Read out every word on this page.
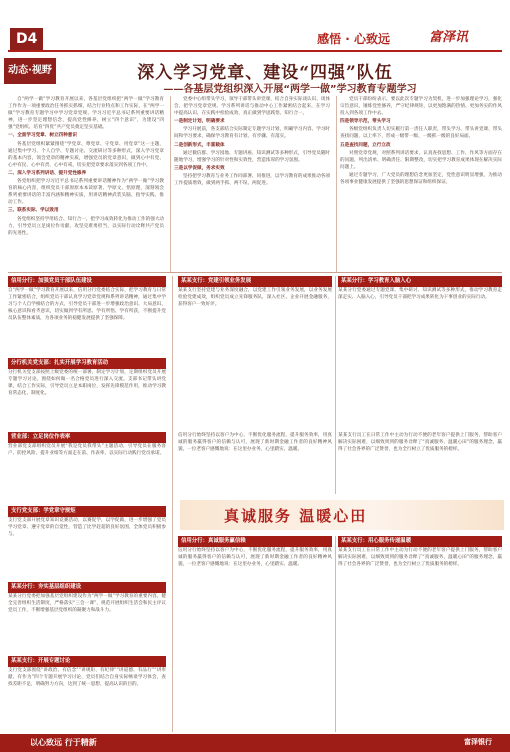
D4	感悟 · 心致远	富泽讯
动态·视野	深入学习党章、建设“四强”队伍
——各基层党组织深入开展“两学一做”学习教育专题学习
自“两学一做”学习教育开展以来，各基层党组织把“两学一做”学习教育工作作为一项重要政治任务抓实抓细，结合行业特点和工作实际，在“两学一做”学习教育专题学习中学习党章党规、学习习近平总书记系列重要讲话精神，进一步坚定理想信念，提高党性修养，树立“四个意识”，为建设“四强”党组织、培育“四优”共产党员奠定坚实基础。
一、全面学习党章、树立四种意识
各基层党组织紧紧围绕“学党章、尊党章、守党章、用党章”这一主题，通过集中学习、个人自学、专题讨论、交流研讨等多种形式，深入学习党章的基本内容，领会党章的精神实质，增强党员的党章意识，做到心中有党、心中有民、心中有责、心中有戒，切实把党章要求落实到各项工作中。
二、深入学习系列讲话、提升党性修养
各党组织把学习习近平总书记系列重要讲话精神作为“两学一做”学习教育的核心内容，组织党员干部原原本本读原著、学原文、悟原理，深刻领会系列重要讲话的丰富内涵和精神实质，用讲话精神武装头脑、指导实践、推动工作。
三、联系实际、学以致用
各党组织坚持学用结合、知行合一，把学习成效转化为推动工作的强大动力，引导党员立足岗位作贡献、攻坚克难勇担当，以实际行动诠释共产党员的先进性。
党委中心组带头学习，领导干部带头讲党课，结合自身实际谈认识、谈体会，把学习党章党规、学习系列讲话与推动中心工作紧密结合起来，在学习中提高认识，在实践中检验成效，真正做到学思践悟、知行合一。
一是制定计划，明确要求
学习开展前，各支部结合实际制定专题学习计划，明确学习内容、学习时间和学习要求，确保学习教育有计划、有步骤、有落实。
二是创新形式，丰富载体
通过微信群、学习园地、专题讲座、知识测试等多种形式，引导党员随时随地学习，增强学习的针对性和实效性，营造浓厚的学习氛围。
三是以学促做，务求实效
坚持把学习教育与业务工作同部署、同推进，以学习教育的成果推动各项工作提质增效，做到两手抓、两不误、两促进。
党员干部纷纷表示，要以此次专题学习为契机，进一步加强理论学习，强化宗旨意识，锤炼党性修养，严守纪律规矩，以更加饱满的热情、更加务实的作风投入到各项工作中去。
四是领导示范，带头学习
各级党组织负责人切实履行第一责任人职责，带头学习、带头讲党课、带头查找问题，以上率下，形成一级带一级、一级抓一级的良好局面。
五是查找问题，立行立改
对照党章党规，对照系列讲话要求，认真查找思想、工作、作风等方面存在的问题，列出清单、明确责任、限期整改，切实把学习教育成果体现在解决实际问题上。
通过专题学习，广大党员的理想信念更加坚定，党性意识明显增强，为推动各项事业健康发展提供了坚强的思想保证和组织保证。
信用分行：加强党员干部队伍建设
自“两学一做”学习教育开展以来，信用分行党委结合实际，把学习教育与日常工作紧密结合，组织党员干部认真学习党章党规和系列讲话精神，通过集中学习与个人自学相结合的方式，引导党员干部进一步增强政治意识、大局意识、核心意识和看齐意识，切实做到学有所思、学有所悟、学有所获，不断提升党员队伍整体素质，为各项业务的稳健发展提供了坚强保障。
分行机关党支部：扎实开展学习教育活动
分行机关党支部按照上级党委的统一部署，制定学习计划，定期组织党员开展专题学习讨论，围绕如何做一名合格党员进行深入交流。支部书记带头讲党课，结合工作实际，引导党员立足本职岗位，发挥先锋模范作用，推动学习教育常态化、制度化。
营业部：立足岗位作表率
营业部党支部组织党员开展“我是党员我带头”主题活动，引导党员在服务客户、防控风险、提升业绩等方面走在前、作表率，以实际行动践行党员承诺。
支行党支部：学党章守规矩
支行党支部开展党章知识竞赛活动，以赛促学，以学促做，进一步增强了党员学习党章、遵守党章的自觉性，营造了比学赶超的良好氛围，全体党员积极参与。
某某分行：夯实基层组织建设
某某分行党委把加强基层党组织建设作为“两学一做”学习教育的重要内容，健全完善组织生活制度，严格落实“三会一课”，规范开展组织生活会和民主评议党员工作，不断增强基层党组织的凝聚力和战斗力。
某某支行：开展专题讨论
支行党支部围绕“讲政治、有信念”“讲规矩、有纪律”“讲道德、有品行”“讲奉献、有作为”四个专题开展学习讨论，党员们结合自身实际畅谈学习体会，查找差距不足，明确努力方向，达到了统一思想、提高认识的目的。
某某支行：党建引领业务发展
某某支行坚持党建与业务深度融合，以党建工作引领业务发展，以业务发展检验党建成效，组织党员成立先锋服务队，深入社区、企业开展金融服务，获得客户一致好评。
某某分行：学习教育入脑入心
某某分行党委通过专题党课、集中研讨、知识测试等多种形式，推动学习教育走深走实、入脑入心，引导党员干部把学习成果转化为干事创业的实际行动。
信用分行始终坚持以客户为中心，不断优化服务流程，提升服务效率，用真诚的服务赢得客户的信赖与认可，展现了新时期金融工作者的良好精神风貌。一位老客户感慨地说：在这里办业务，心里踏实、温暖。
某某支行员工在日常工作中主动为行动不便的老年客户提供上门服务，帮助客户解决实际困难，以细致周到的服务诠释了“真诚服务、温暖心田”的服务理念，赢得了社会各界的广泛赞誉，也为全行树立了优质服务的榜样。
真诚服务 温暖心田
信用分行：真诚服务赢信赖
信用分行始终坚持以客户为中心，不断优化服务流程，提升服务效率，用真诚的服务赢得客户的信赖与认可，展现了新时期金融工作者的良好精神风貌。一位老客户感慨地说：在这里办业务，心里踏实、温暖。
某某支行：用心服务传递温暖
某某支行员工在日常工作中主动为行动不便的老年客户提供上门服务，帮助客户解决实际困难，以细致周到的服务诠释了“真诚服务、温暖心田”的服务理念，赢得了社会各界的广泛赞誉，也为全行树立了优质服务的榜样。
以心致远 行于精新	富泽银行
